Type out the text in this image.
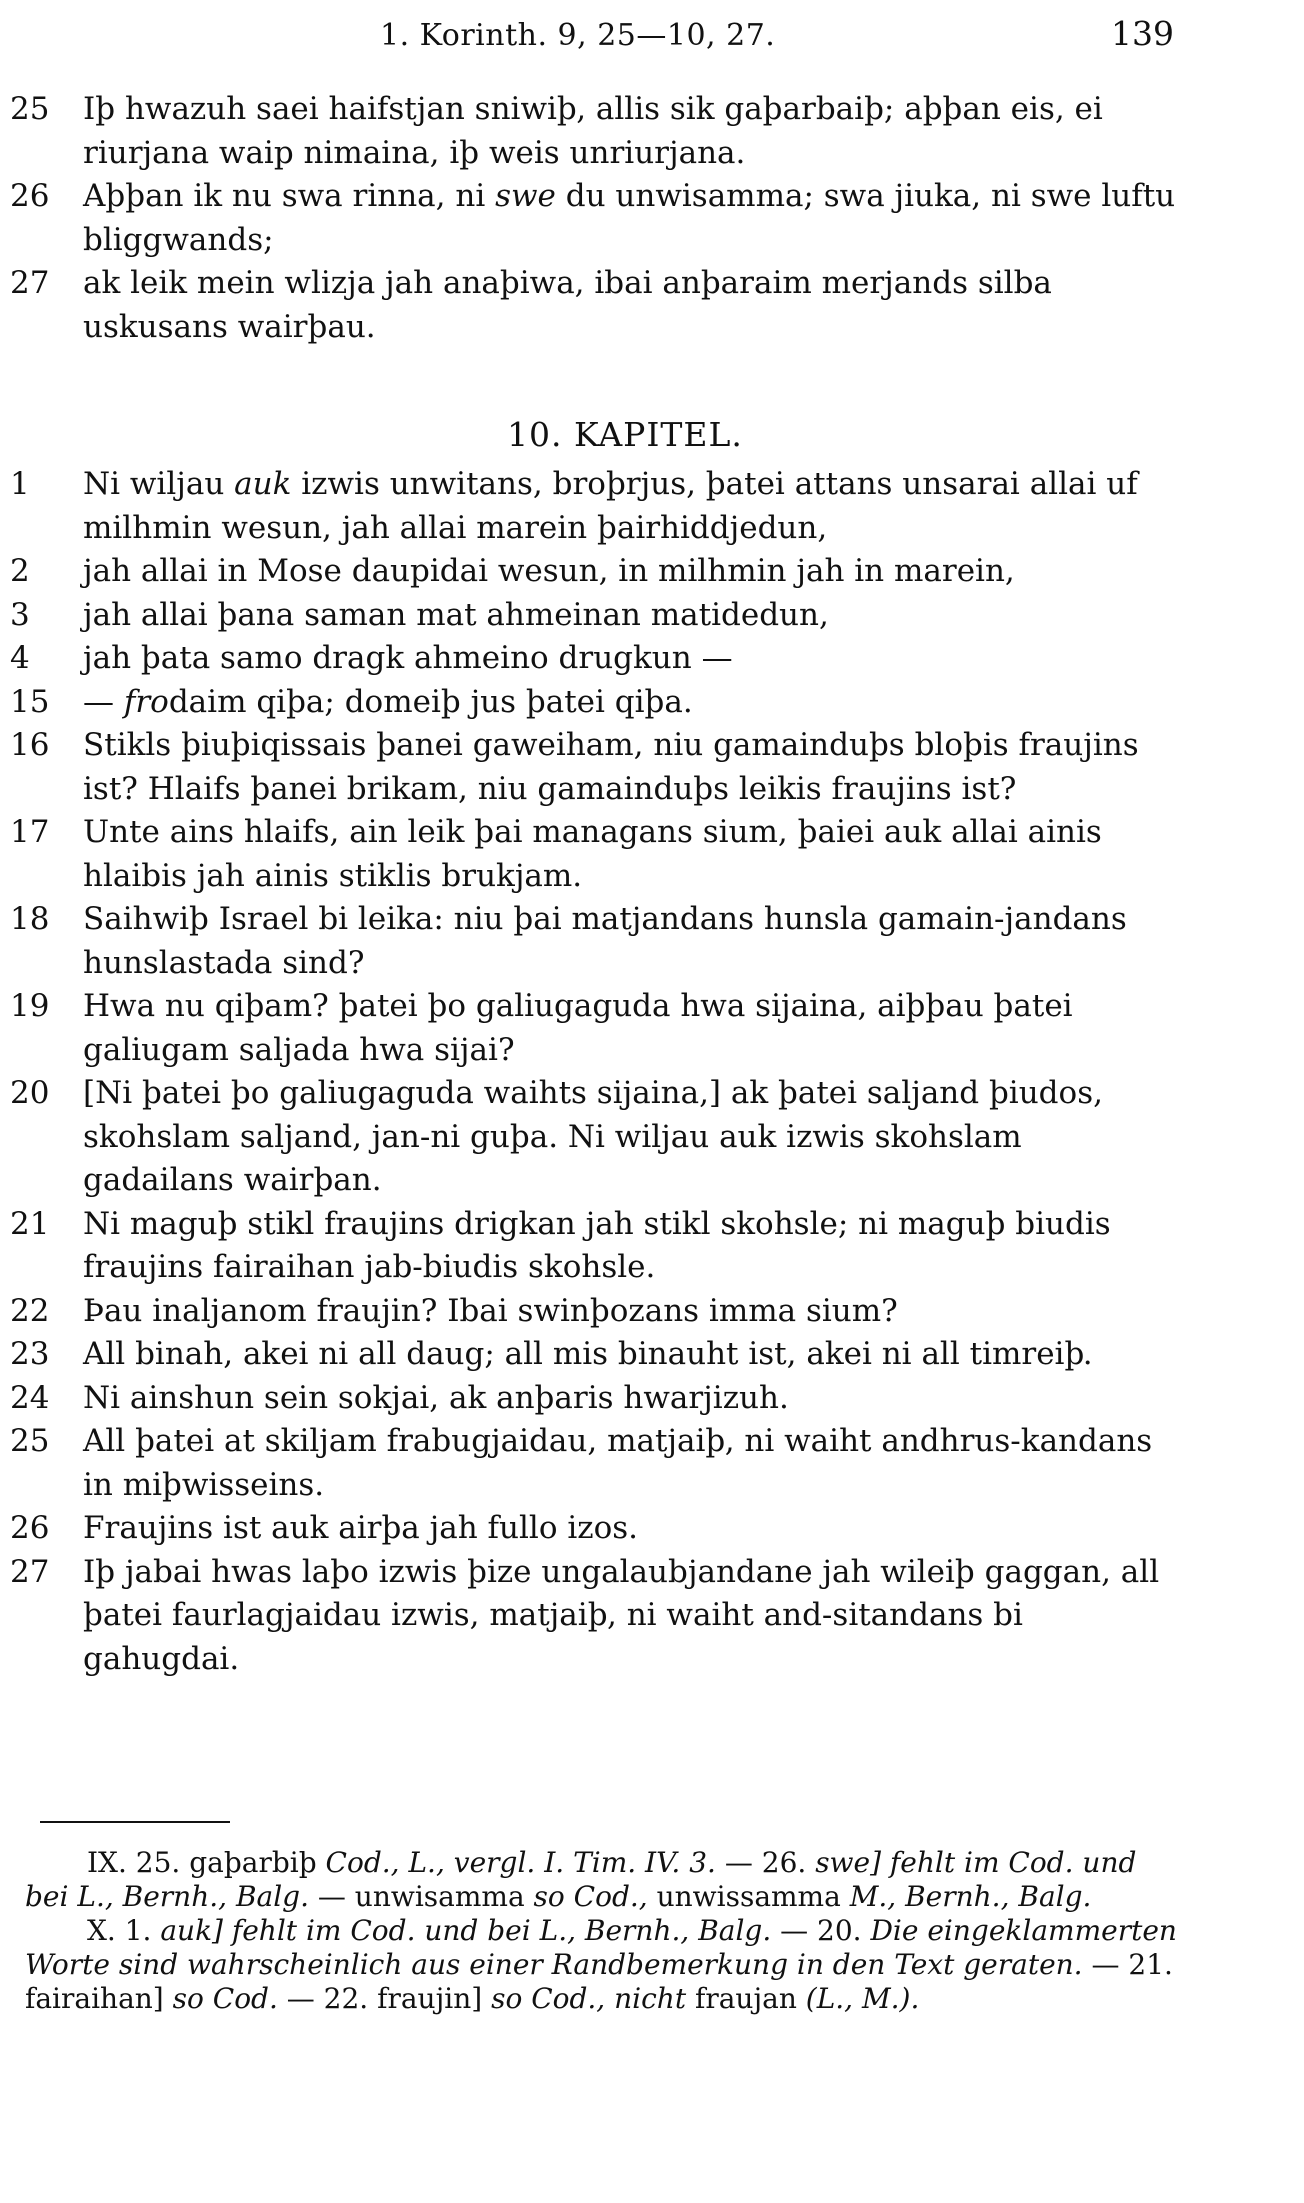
1. Korinth. 9, 25—10, 27.	139

25	Iþ hwazuh saei haifstjan sniwiþ, allis sik gaþarbaiþ; aþþan eis, ei riurjana waip nimaina, iþ weis unriurjana.

26	Aþþan ik nu swa rinna, ni swe du unwisamma; swa jiuka, ni swe luftu bliggwands;

27	ak leik mein wlizja jah anaþiwa, ibai anþaraim merjands silba uskusans wairþau.

10. KAPITEL.

1	Ni wiljau auk izwis unwitans, broþrjus, þatei attans unsarai allai uf milhmin wesun, jah allai marein þairhiddjedun,

2	jah allai in Mose daupidai wesun, in milhmin jah in marein,

3	jah allai þana saman mat ahmeinan matidedun,

4	jah þata samo dragk ahmeino drugkun —

15	— frodaim qiþa; domeiþ jus þatei qiþa.

16	Stikls þiuþiqissais þanei gaweiham, niu gamainduþs bloþis fraujins ist? Hlaifs þanei brikam, niu gamainduþs leikis fraujins ist?

17	Unte ains hlaifs, ain leik þai managans sium, þaiei auk allai ainis hlaibis jah ainis stiklis brukjam.

18	Saihwiþ Israel bi leika: niu þai matjandans hunsla gamain-jandans hunslastada sind?

19	Hwa nu qiþam? þatei þo galiugaguda hwa sijaina, aiþþau þatei galiugam saljada hwa sijai?

20	[Ni þatei þo galiugaguda waihts sijaina,] ak þatei saljand þiudos, skohslam saljand, jan-ni guþa. Ni wiljau auk izwis skohslam gadailans wairþan.

21	Ni maguþ stikl fraujins drigkan jah stikl skohsle; ni maguþ biudis fraujins fairaihan jab-biudis skohsle.

22	Þau inaljanom fraujin? Ibai swinþozans imma sium?

23	All binah, akei ni all daug; all mis binauht ist, akei ni all timreiþ.

24	Ni ainshun sein sokjai, ak anþaris hwarjizuh.

25	All þatei at skiljam frabugjaidau, matjaiþ, ni waiht andhrus-kandans in miþwisseins.

26	Fraujins ist auk airþa jah fullo izos.

27	Iþ jabai hwas laþo izwis þize ungalaubjandane jah wileiþ gaggan, all þatei faurlagjaidau izwis, matjaiþ, ni waiht and-sitandans bi gahugdai.

IX. 25. gaþarbiþ Cod., L., vergl. I. Tim. IV. 3. — 26. swe] fehlt im Cod. und bei L., Bernh., Balg. — unwisamma so Cod., unwissamma M., Bernh., Balg.

X. 1. auk] fehlt im Cod. und bei L., Bernh., Balg. — 20. Die eingeklammerten Worte sind wahrscheinlich aus einer Randbemerkung in den Text geraten. — 21. fairaihan] so Cod. — 22. fraujin] so Cod., nicht fraujan (L., M.).
